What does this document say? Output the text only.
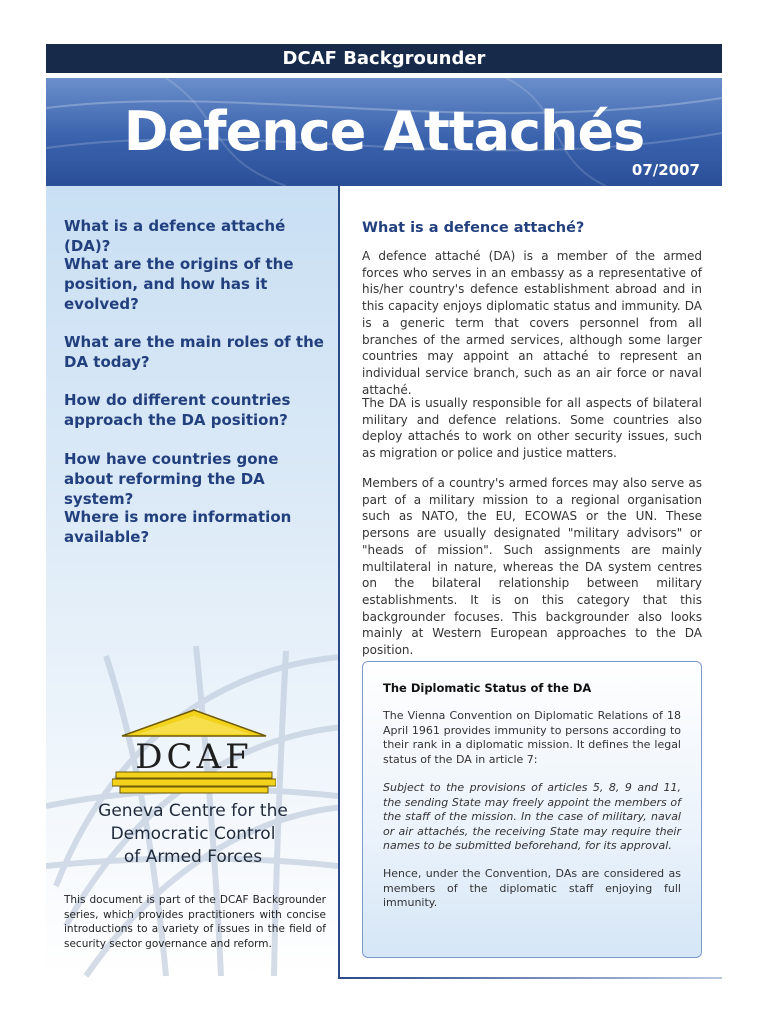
DCAF Backgrounder
Defence Attachés
07/2007
What is a defence attaché (DA)?
What are the origins of the position, and how has it evolved?
What are the main roles of the DA today?
How do different countries approach the DA position?
How have countries gone about reforming the DA system?
Where is more information available?
DCAF
Geneva Centre for the
Democratic Control
of Armed Forces
This document is part of the DCAF Backgrounder series, which provides practitioners with concise introductions to a variety of issues in the field of security sector governance and reform.
What is a defence attaché?
A defence attaché (DA) is a member of the armed forces who serves in an embassy as a representative of his/her country's defence establishment abroad and in this capacity enjoys diplomatic status and immunity. DA is a generic term that covers personnel from all branches of the armed services, although some larger countries may appoint an attaché to represent an individual service branch, such as an air force or naval attaché.
The DA is usually responsible for all aspects of bilateral military and defence relations. Some countries also deploy attachés to work on other security issues, such as migration or police and justice matters.
Members of a country's armed forces may also serve as part of a military mission to a regional organisation such as NATO, the EU, ECOWAS or the UN. These persons are usually designated "military advisors" or "heads of mission". Such assignments are mainly multilateral in nature, whereas the DA system centres on the bilateral relationship between military establishments. It is on this category that this backgrounder focuses. This backgrounder also looks mainly at Western European approaches to the DA position.
The Diplomatic Status of the DA
The Vienna Convention on Diplomatic Relations of 18 April 1961 provides immunity to persons according to their rank in a diplomatic mission. It defines the legal status of the DA in article 7:
Subject to the provisions of articles 5, 8, 9 and 11, the sending State may freely appoint the members of the staff of the mission. In the case of military, naval or air attachés, the receiving State may require their names to be submitted beforehand, for its approval.
Hence, under the Convention, DAs are considered as members of the diplomatic staff enjoying full immunity.
